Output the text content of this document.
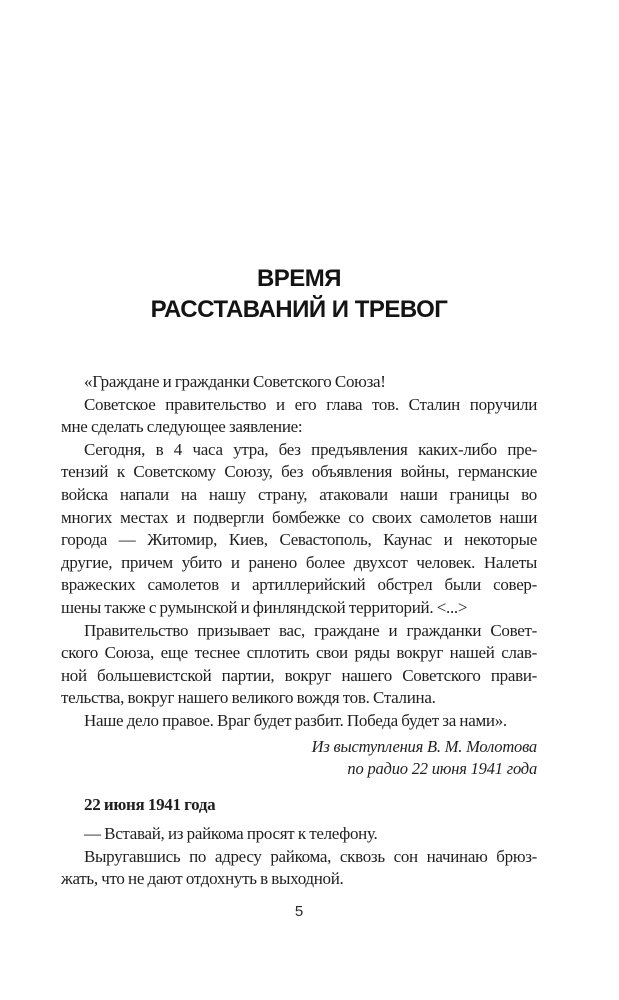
ВРЕМЯ
РАССТАВАНИЙ И ТРЕВОГ
«Граждане и гражданки Советского Союза!
Советское правительство и его глава тов. Сталин поручили
мне сделать следующее заявление:
Сегодня, в 4 часа утра, без предъявления каких-либо пре-
тензий к Советскому Союзу, без объявления войны, германские
войска напали на нашу страну, атаковали наши границы во
многих местах и подвергли бомбежке со своих самолетов наши
города — Житомир, Киев, Севастополь, Каунас и некоторые
другие, причем убито и ранено более двухсот человек. Налеты
вражеских самолетов и артиллерийский обстрел были совер-
шены также с румынской и финляндской территорий. <...>
Правительство призывает вас, граждане и гражданки Совет-
ского Союза, еще теснее сплотить свои ряды вокруг нашей слав-
ной большевистской партии, вокруг нашего Советского прави-
тельства, вокруг нашего великого вождя тов. Сталина.
Наше дело правое. Враг будет разбит. Победа будет за нами».
Из выступления В. М. Молотова
по радио 22 июня 1941 года
22 июня 1941 года
— Вставай, из райкома просят к телефону.
Выругавшись по адресу райкома, сквозь сон начинаю брюз-
жать, что не дают отдохнуть в выходной.
5
